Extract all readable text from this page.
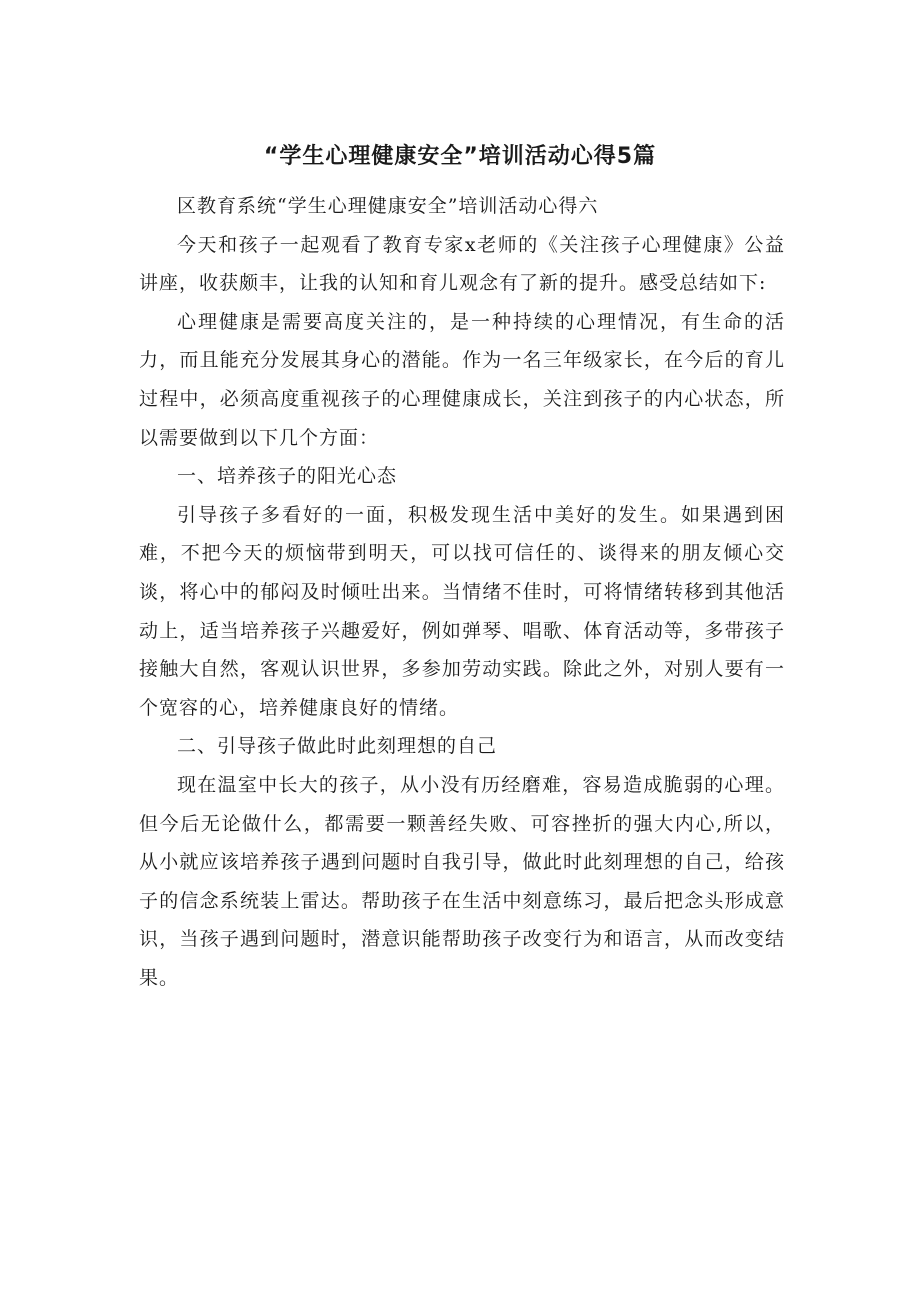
“学生心理健康安全”培训活动心得5篇

区教育系统“学生心理健康安全”培训活动心得六

今天和孩子一起观看了教育专家x老师的《关注孩子心理健康》公益讲座，收获颇丰，让我的认知和育儿观念有了新的提升。感受总结如下:

心理健康是需要高度关注的，是一种持续的心理情况，有生命的活力，而且能充分发展其身心的潜能。作为一名三年级家长，在今后的育儿过程中，必须高度重视孩子的心理健康成长，关注到孩子的内心状态，所以需要做到以下几个方面：

一、培养孩子的阳光心态

引导孩子多看好的一面，积极发现生活中美好的发生。如果遇到困难，不把今天的烦恼带到明天，可以找可信任的、谈得来的朋友倾心交谈，将心中的郁闷及时倾吐出来。当情绪不佳时，可将情绪转移到其他活动上，适当培养孩子兴趣爱好，例如弹琴、唱歌、体育活动等，多带孩子接触大自然，客观认识世界，多参加劳动实践。除此之外，对别人要有一个宽容的心，培养健康良好的情绪。

二、引导孩子做此时此刻理想的自己

现在温室中长大的孩子，从小没有历经磨难，容易造成脆弱的心理。但今后无论做什么，都需要一颗善经失败、可容挫折的强大内心,所以，从小就应该培养孩子遇到问题时自我引导，做此时此刻理想的自己，给孩子的信念系统装上雷达。帮助孩子在生活中刻意练习，最后把念头形成意识，当孩子遇到问题时，潜意识能帮助孩子改变行为和语言，从而改变结果。
